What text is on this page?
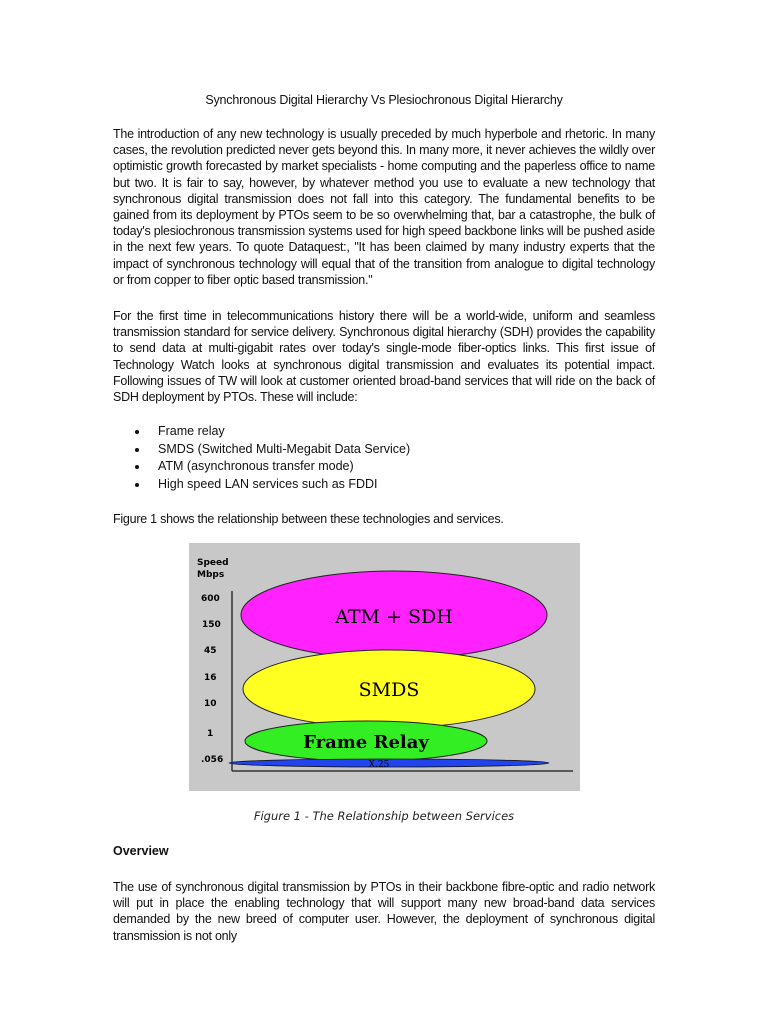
Synchronous Digital Hierarchy Vs Plesiochronous Digital Hierarchy

The introduction of any new technology is usually preceded by much hyperbole and rhetoric. In many cases, the revolution predicted never gets beyond this. In many more, it never achieves the wildly over optimistic growth forecasted by market specialists - home computing and the paperless office to name but two. It is fair to say, however, by whatever method you use to evaluate a new technology that synchronous digital transmission does not fall into this category. The fundamental benefits to be gained from its deployment by PTOs seem to be so overwhelming that, bar a catastrophe, the bulk of today's plesiochronous transmission systems used for high speed backbone links will be pushed aside in the next few years. To quote Dataquest:, "It has been claimed by many industry experts that the impact of synchronous technology will equal that of the transition from analogue to digital technology or from copper to fiber optic based transmission."

For the first time in telecommunications history there will be a world-wide, uniform and seamless transmission standard for service delivery. Synchronous digital hierarchy (SDH) provides the capability to send data at multi-gigabit rates over today's single-mode fiber-optics links. This first issue of Technology Watch looks at synchronous digital transmission and evaluates its potential impact. Following issues of TW will look at customer oriented broad-band services that will ride on the back of SDH deployment by PTOs. These will include:

Frame relay
SMDS (Switched Multi-Megabit Data Service)
ATM (asynchronous transfer mode)
High speed LAN services such as FDDI

Figure 1 shows the relationship between these technologies and services.

Speed
Mbps
.056
1
10
16
45
150
600
ATM + SDH
SMDS
Frame Relay
X.25
Figure 1 - The Relationship between Services
Overview

The use of synchronous digital transmission by PTOs in their backbone fibre-optic and radio network will put in place the enabling technology that will support many new broad-band data services demanded by the new breed of computer user. However, the deployment of synchronous digital transmission is not only
